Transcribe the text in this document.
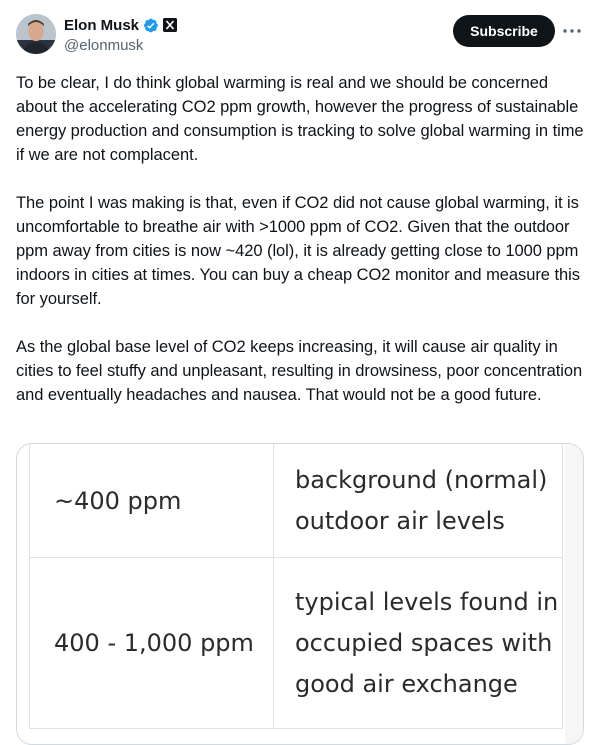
Elon Musk
@elonmusk
Subscribe

To be clear, I do think global warming is real and we should be concerned about the accelerating CO2 ppm growth, however the progress of sustainable energy production and consumption is tracking to solve global warming in time if we are not complacent.

The point I was making is that, even if CO2 did not cause global warming, it is uncomfortable to breathe air with >1000 ppm of CO2. Given that the outdoor ppm away from cities is now ~420 (lol), it is already getting close to 1000 ppm indoors in cities at times. You can buy a cheap CO2 monitor and measure this for yourself.

As the global base level of CO2 keeps increasing, it will cause air quality in cities to feel stuffy and unpleasant, resulting in drowsiness, poor concentration and eventually headaches and nausea. That would not be a good future.

~400 ppm	background (normal) outdoor air levels
400 - 1,000 ppm	typical levels found in occupied spaces with good air exchange
